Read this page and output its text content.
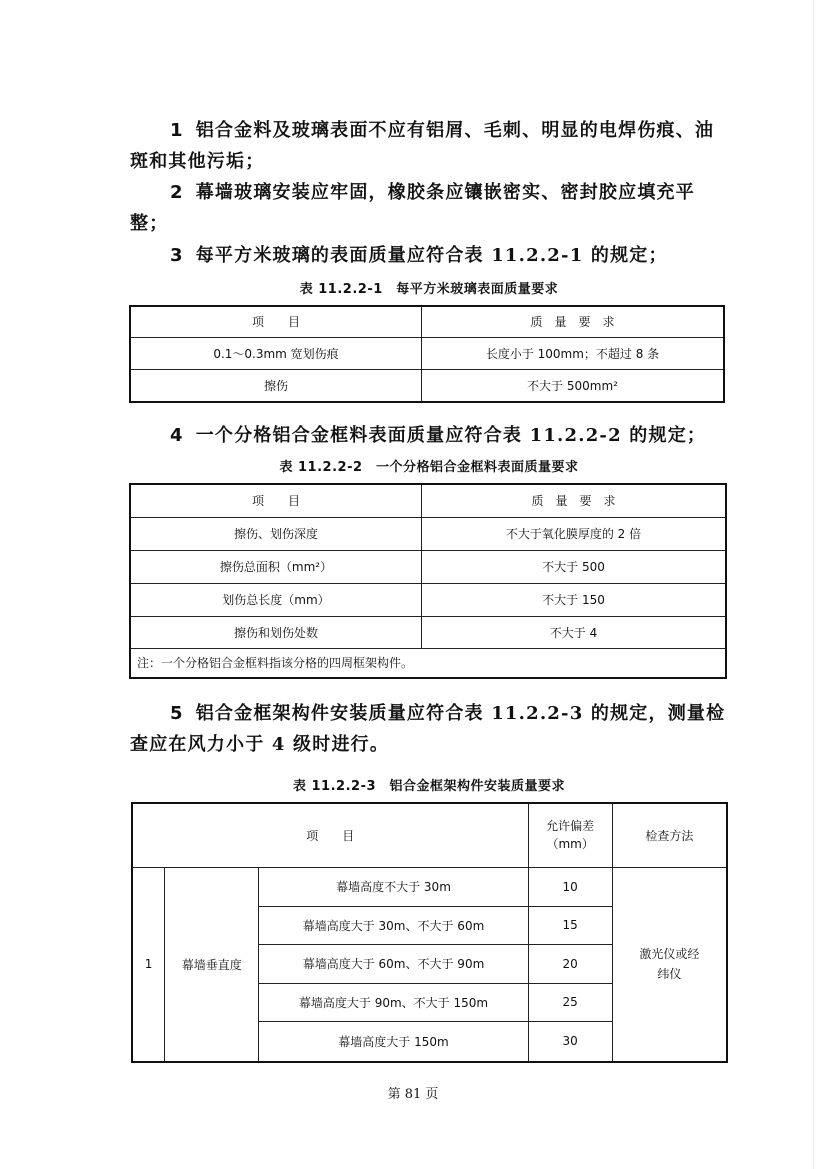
1 铝合金料及玻璃表面不应有铝屑、毛刺、明显的电焊伤痕、油斑和其他污垢；

2 幕墙玻璃安装应牢固，橡胶条应镶嵌密实、密封胶应填充平整；

3 每平方米玻璃的表面质量应符合表 11.2.2-1 的规定；

表 11.2.2-1　每平方米玻璃表面质量要求

项　　目	质　量　要　求
0.1～0.3mm 宽划伤痕	长度小于 100mm；不超过 8 条
擦伤	不大于 500mm²

4 一个分格铝合金框料表面质量应符合表 11.2.2-2 的规定；

表 11.2.2-2　一个分格铝合金框料表面质量要求

项　　目	质　量　要　求
擦伤、划伤深度	不大于氧化膜厚度的 2 倍
擦伤总面积（mm²）	不大于 500
划伤总长度（mm）	不大于 150
擦伤和划伤处数	不大于 4
注：一个分格铝合金框料指该分格的四周框架构件。	

5 铝合金框架构件安装质量应符合表 11.2.2-3 的规定，测量检查应在风力小于 4 级时进行。

表 11.2.2-3　铝合金框架构件安装质量要求

项　　目			允许偏差（mm）	检查方法
1	幕墙垂直度	幕墙高度不大于 30m	10	激光仪或经纬仪
		幕墙高度大于 30m、不大于 60m	15	
		幕墙高度大于 60m、不大于 90m	20	
		幕墙高度大于 90m、不大于 150m	25	
		幕墙高度大于 150m	30	
第 81 页
